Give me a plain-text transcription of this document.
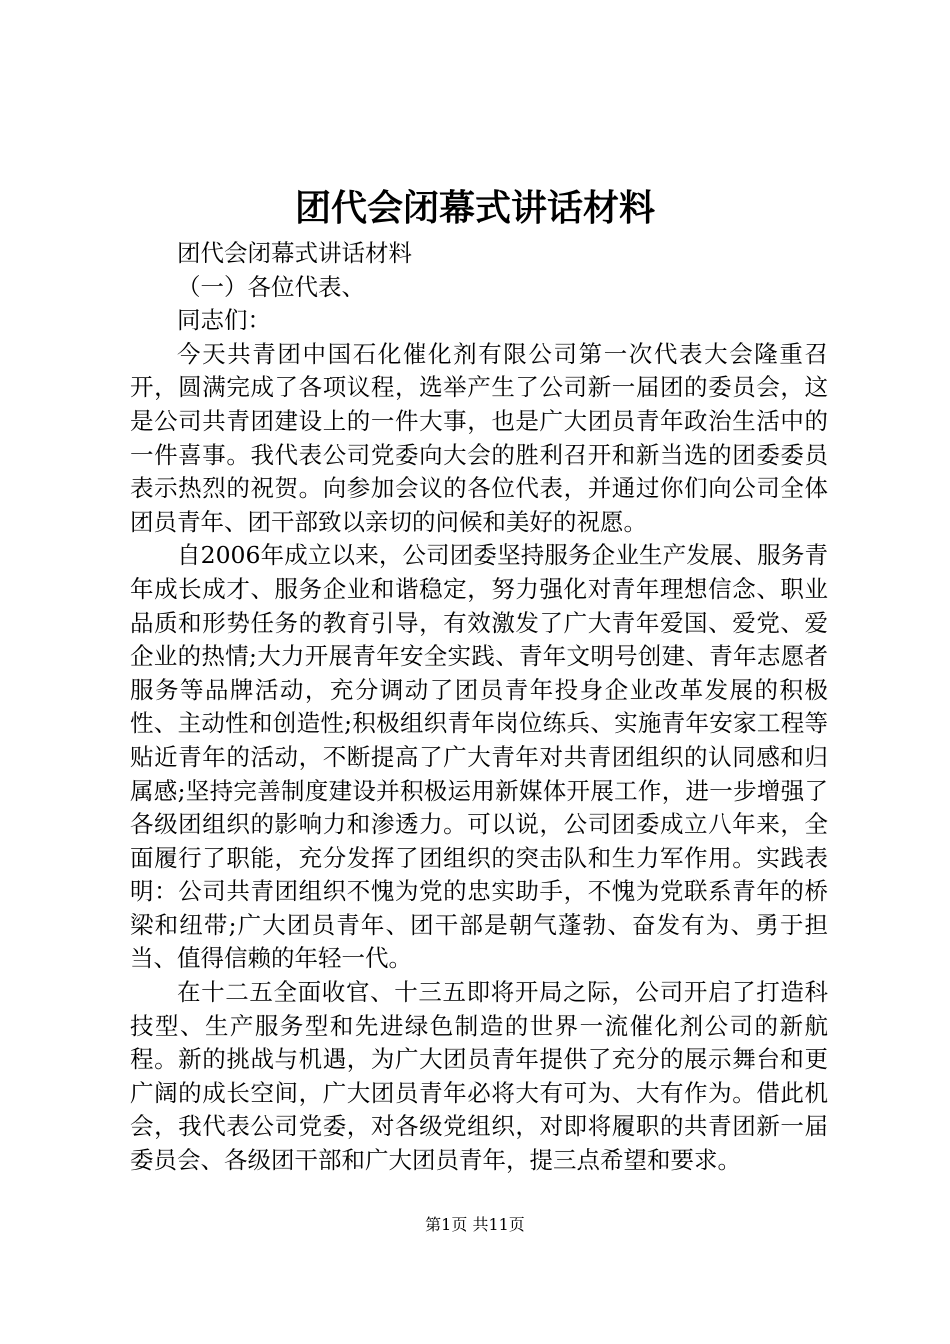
团代会闭幕式讲话材料

团代会闭幕式讲话材料

（一）各位代表、

同志们：

今天共青团中国石化催化剂有限公司第一次代表大会隆重召开，圆满完成了各项议程，选举产生了公司新一届团的委员会，这是公司共青团建设上的一件大事，也是广大团员青年政治生活中的一件喜事。我代表公司党委向大会的胜利召开和新当选的团委委员表示热烈的祝贺。向参加会议的各位代表，并通过你们向公司全体团员青年、团干部致以亲切的问候和美好的祝愿。

自2006年成立以来，公司团委坚持服务企业生产发展、服务青年成长成才、服务企业和谐稳定，努力强化对青年理想信念、职业品质和形势任务的教育引导，有效激发了广大青年爱国、爱党、爱企业的热情;大力开展青年安全实践、青年文明号创建、青年志愿者服务等品牌活动，充分调动了团员青年投身企业改革发展的积极性、主动性和创造性;积极组织青年岗位练兵、实施青年安家工程等贴近青年的活动，不断提高了广大青年对共青团组织的认同感和归属感;坚持完善制度建设并积极运用新媒体开展工作，进一步增强了各级团组织的影响力和渗透力。可以说，公司团委成立八年来，全面履行了职能，充分发挥了团组织的突击队和生力军作用。实践表明：公司共青团组织不愧为党的忠实助手，不愧为党联系青年的桥梁和纽带;广大团员青年、团干部是朝气蓬勃、奋发有为、勇于担当、值得信赖的年轻一代。

在十二五全面收官、十三五即将开局之际，公司开启了打造科技型、生产服务型和先进绿色制造的世界一流催化剂公司的新航程。新的挑战与机遇，为广大团员青年提供了充分的展示舞台和更广阔的成长空间，广大团员青年必将大有可为、大有作为。借此机会，我代表公司党委，对各级党组织，对即将履职的共青团新一届委员会、各级团干部和广大团员青年，提三点希望和要求。

第1页 共11页
